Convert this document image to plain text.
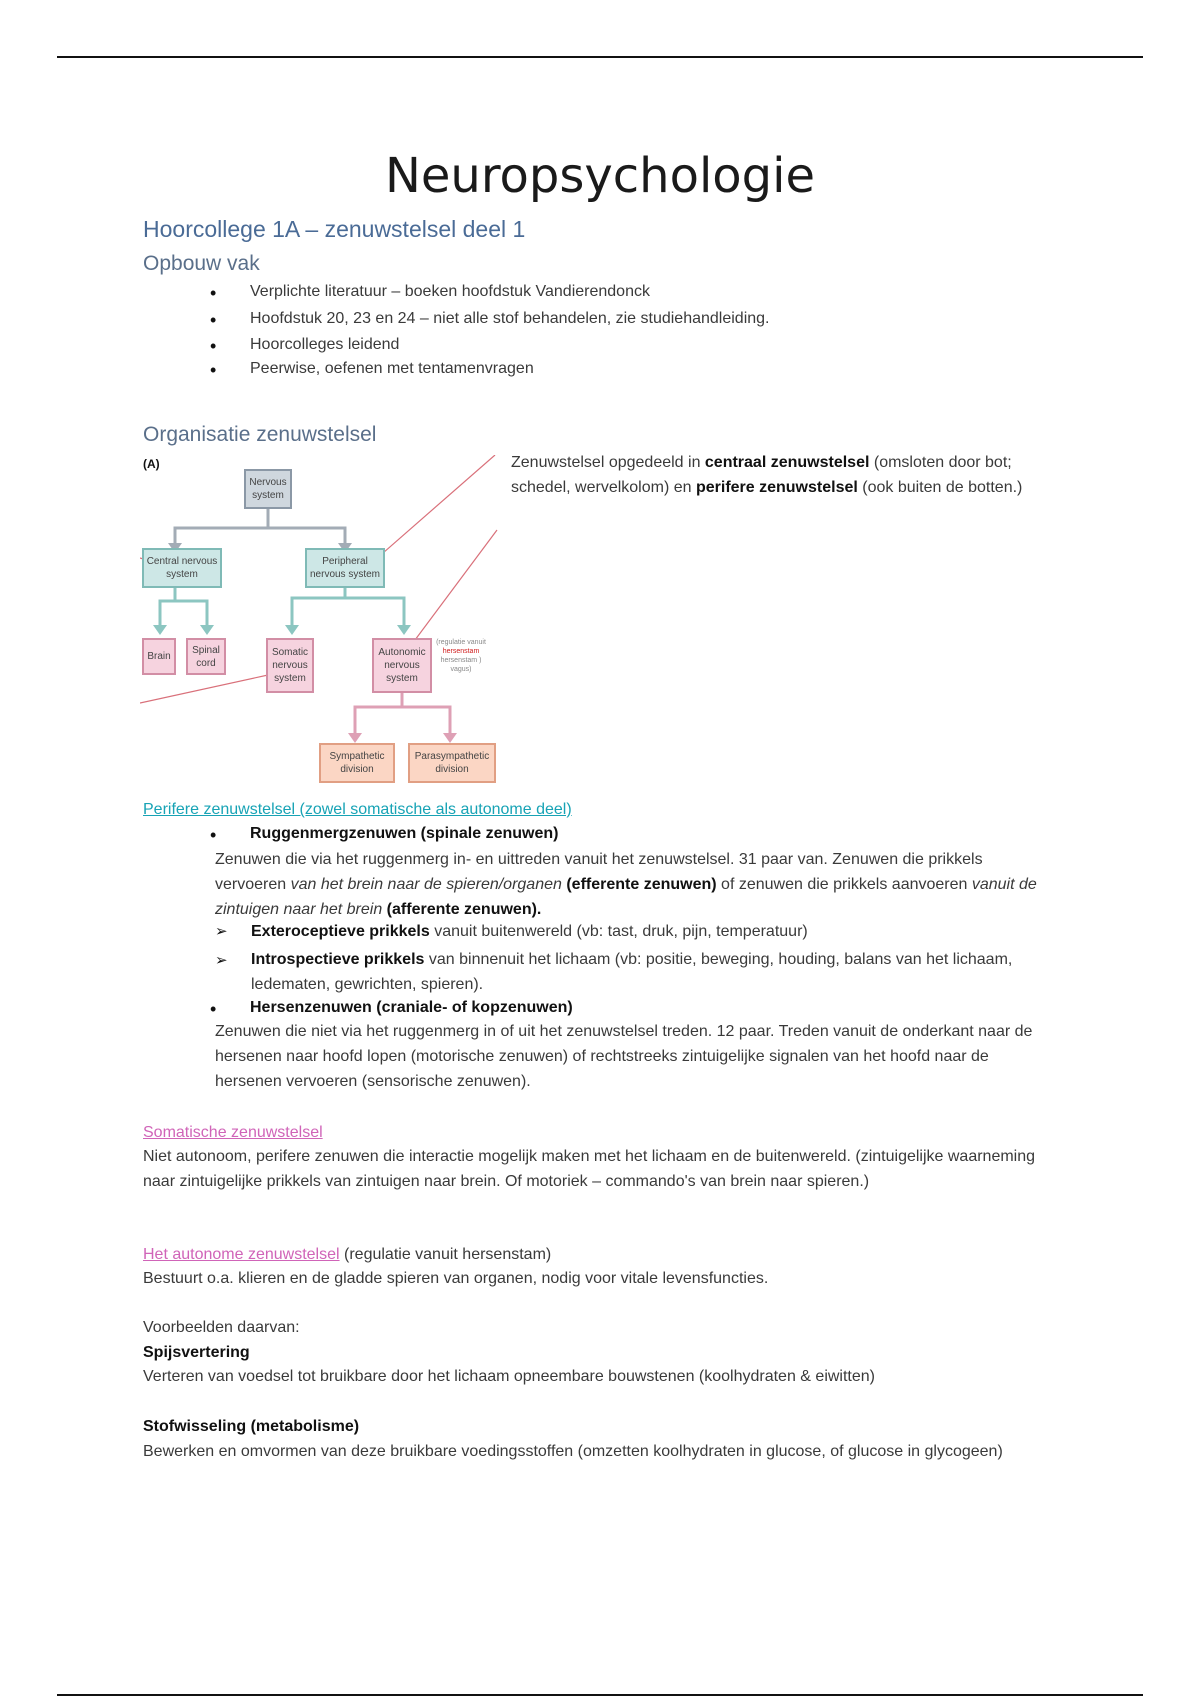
Neuropsychologie
Hoorcollege 1A – zenuwstelsel deel 1
Opbouw vak
• Verplichte literatuur – boeken hoofdstuk Vandierendonck
• Hoofdstuk 20, 23 en 24 – niet alle stof behandelen, zie studiehandleiding.
• Hoorcolleges leidend
• Peerwise, oefenen met tentamenvragen
Organisatie zenuwstelsel
Zenuwstelsel opgedeeld in centraal zenuwstelsel (omsloten door bot; schedel, wervelkolom) en perifere zenuwstelsel (ook buiten de botten.)
(A)
Nervous system
Central nervous system
Peripheral nervous system
Brain
Spinal cord
Somatic nervous system
Autonomic nervous system
Sympathetic division
Parasympathetic division
(regulatie vanuit
hersenstam
hersenstam ) vagus)
Perifere zenuwstelsel (zowel somatische als autonome deel)
• Ruggenmergzenuwen (spinale zenuwen)
Zenuwen die via het ruggenmerg in- en uittreden vanuit het zenuwstelsel. 31 paar van. Zenuwen die prikkels vervoeren van het brein naar de spieren/organen (efferente zenuwen) of zenuwen die prikkels aanvoeren vanuit de zintuigen naar het brein (afferente zenuwen).
➢ Exteroceptieve prikkels vanuit buitenwereld (vb: tast, druk, pijn, temperatuur)
➢ Introspectieve prikkels van binnenuit het lichaam (vb: positie, beweging, houding, balans van het lichaam, ledematen, gewrichten, spieren).
• Hersenzenuwen (craniale- of kopzenuwen)
Zenuwen die niet via het ruggenmerg in of uit het zenuwstelsel treden. 12 paar. Treden vanuit de onderkant naar de hersenen naar hoofd lopen (motorische zenuwen) of rechtstreeks zintuigelijke signalen van het hoofd naar de hersenen vervoeren (sensorische zenuwen).
Somatische zenuwstelsel
Niet autonoom, perifere zenuwen die interactie mogelijk maken met het lichaam en de buitenwereld. (zintuigelijke waarneming naar zintuigelijke prikkels van zintuigen naar brein. Of motoriek – commando's van brein naar spieren.)
Het autonome zenuwstelsel (regulatie vanuit hersenstam)
Bestuurt o.a. klieren en de gladde spieren van organen, nodig voor vitale levensfuncties.
Voorbeelden daarvan:
Spijsvertering
Verteren van voedsel tot bruikbare door het lichaam opneembare bouwstenen (koolhydraten & eiwitten)
Stofwisseling (metabolisme)
Bewerken en omvormen van deze bruikbare voedingsstoffen (omzetten koolhydraten in glucose, of glucose in glycogeen)
